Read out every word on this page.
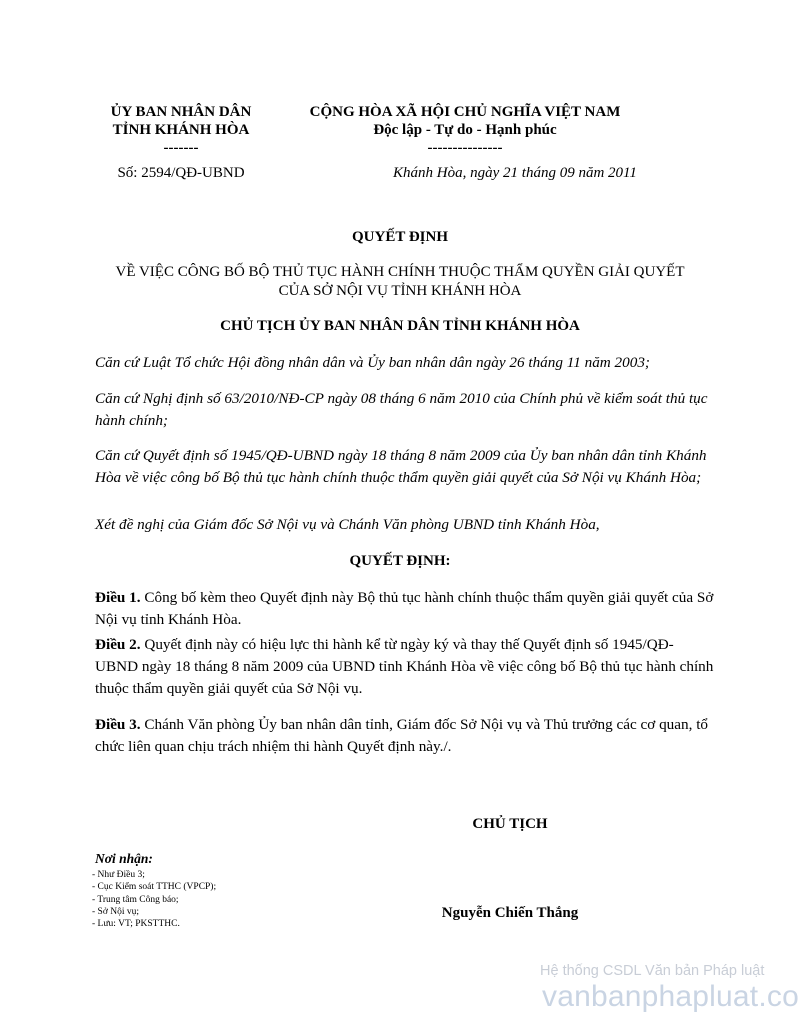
ỦY BAN NHÂN DÂN
TỈNH KHÁNH HÒA
-------
CỘNG HÒA XÃ HỘI CHỦ NGHĨA VIỆT NAM
Độc lập - Tự do - Hạnh phúc
---------------
Số: 2594/QĐ-UBND	Khánh Hòa, ngày 21 tháng 09 năm 2011
QUYẾT ĐỊNH
VỀ VIỆC CÔNG BỐ BỘ THỦ TỤC HÀNH CHÍNH THUỘC THẨM QUYỀN GIẢI QUYẾT
CỦA SỞ NỘI VỤ TỈNH KHÁNH HÒA
CHỦ TỊCH ỦY BAN NHÂN DÂN TỈNH KHÁNH HÒA
Căn cứ Luật Tổ chức Hội đồng nhân dân và Ủy ban nhân dân ngày 26 tháng 11 năm 2003;
Căn cứ Nghị định số 63/2010/NĐ-CP ngày 08 tháng 6 năm 2010 của Chính phủ về kiểm soát thủ tục hành chính;
Căn cứ Quyết định số 1945/QĐ-UBND ngày 18 tháng 8 năm 2009 của Ủy ban nhân dân tỉnh Khánh Hòa về việc công bố Bộ thủ tục hành chính thuộc thẩm quyền giải quyết của Sở Nội vụ Khánh Hòa;
Xét đề nghị của Giám đốc Sở Nội vụ và Chánh Văn phòng UBND tỉnh Khánh Hòa,
QUYẾT ĐỊNH:
Điều 1. Công bố kèm theo Quyết định này Bộ thủ tục hành chính thuộc thẩm quyền giải quyết của Sở Nội vụ tỉnh Khánh Hòa.
Điều 2. Quyết định này có hiệu lực thi hành kể từ ngày ký và thay thế Quyết định số 1945/QĐ-UBND ngày 18 tháng 8 năm 2009 của UBND tỉnh Khánh Hòa về việc công bố Bộ thủ tục hành chính thuộc thẩm quyền giải quyết của Sở Nội vụ.
Điều 3. Chánh Văn phòng Ủy ban nhân dân tỉnh, Giám đốc Sở Nội vụ và Thủ trưởng các cơ quan, tổ chức liên quan chịu trách nhiệm thi hành Quyết định này./.
CHỦ TỊCH
Nguyễn Chiến Thắng
Nơi nhận:
- Như Điều 3;
- Cục Kiểm soát TTHC (VPCP);
- Trung tâm Công báo;
- Sở Nội vụ;
- Lưu: VT; PKSTTHC.
Hệ thống CSDL Văn bản Pháp luật
vanbanphapluat.co
